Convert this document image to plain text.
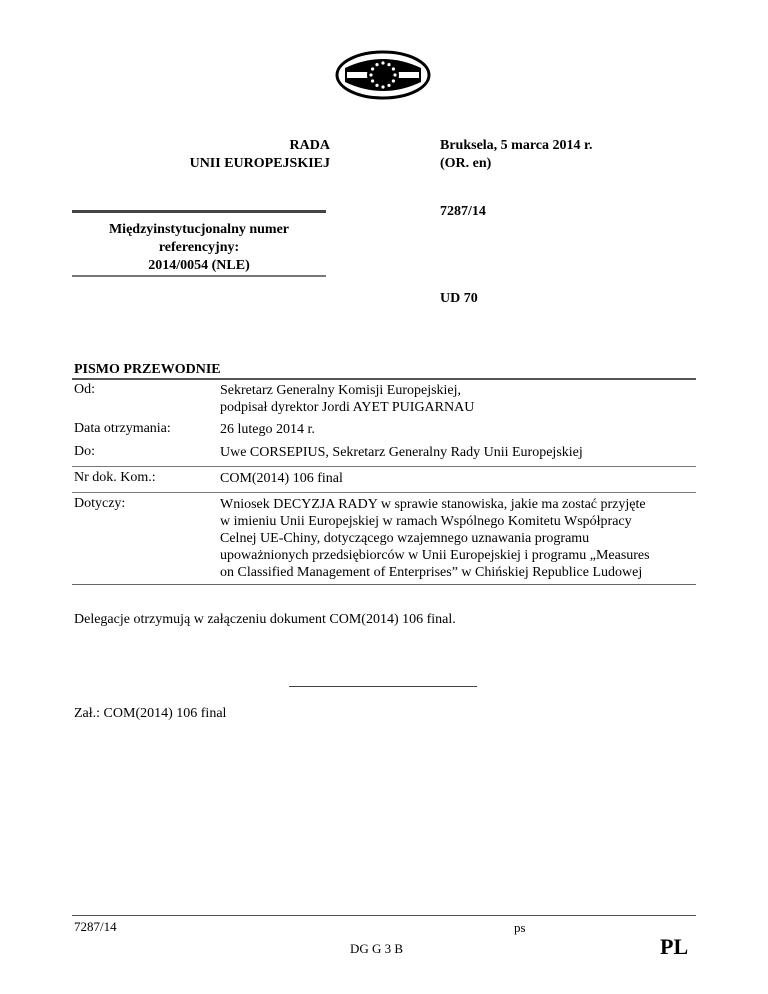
RADA
UNII EUROPEJSKIEJ
Bruksela, 5 marca 2014 r.
(OR. en)
7287/14
Międzyinstytucjonalny numer
referencyjny:
2014/0054 (NLE)
UD 70
PISMO PRZEWODNIE
Od:	Sekretarz Generalny Komisji Europejskiej,
podpisał dyrektor Jordi AYET PUIGARNAU
Data otrzymania:	26 lutego 2014 r.
Do:	Uwe CORSEPIUS, Sekretarz Generalny Rady Unii Europejskiej
Nr dok. Kom.:	COM(2014) 106 final
Dotyczy:	Wniosek DECYZJA RADY w sprawie stanowiska, jakie ma zostać przyjęte
w imieniu Unii Europejskiej w ramach Wspólnego Komitetu Współpracy
Celnej UE-Chiny, dotyczącego wzajemnego uznawania programu
upoważnionych przedsiębiorców w Unii Europejskiej i programu „Measures
on Classified Management of Enterprises” w Chińskiej Republice Ludowej
Delegacje otrzymują w załączeniu dokument COM(2014) 106 final.
Zał.: COM(2014) 106 final
7287/14	ps
DG G 3 B	PL
